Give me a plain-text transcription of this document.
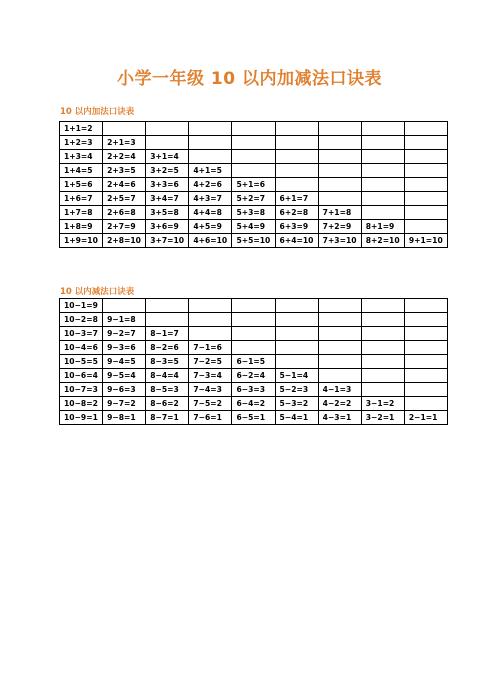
小学一年级 10 以内加减法口诀表
10 以内加法口诀表
1+1=2								
1+2=3	2+1=3							
1+3=4	2+2=4	3+1=4						
1+4=5	2+3=5	3+2=5	4+1=5					
1+5=6	2+4=6	3+3=6	4+2=6	5+1=6				
1+6=7	2+5=7	3+4=7	4+3=7	5+2=7	6+1=7			
1+7=8	2+6=8	3+5=8	4+4=8	5+3=8	6+2=8	7+1=8		
1+8=9	2+7=9	3+6=9	4+5=9	5+4=9	6+3=9	7+2=9	8+1=9	
1+9=10	2+8=10	3+7=10	4+6=10	5+5=10	6+4=10	7+3=10	8+2=10	9+1=10
10 以内减法口诀表
10−1=9								
10−2=8	9−1=8							
10−3=7	9−2=7	8−1=7						
10−4=6	9−3=6	8−2=6	7−1=6					
10−5=5	9−4=5	8−3=5	7−2=5	6−1=5				
10−6=4	9−5=4	8−4=4	7−3=4	6−2=4	5−1=4			
10−7=3	9−6=3	8−5=3	7−4=3	6−3=3	5−2=3	4−1=3		
10−8=2	9−7=2	8−6=2	7−5=2	6−4=2	5−3=2	4−2=2	3−1=2	
10−9=1	9−8=1	8−7=1	7−6=1	6−5=1	5−4=1	4−3=1	3−2=1	2−1=1
